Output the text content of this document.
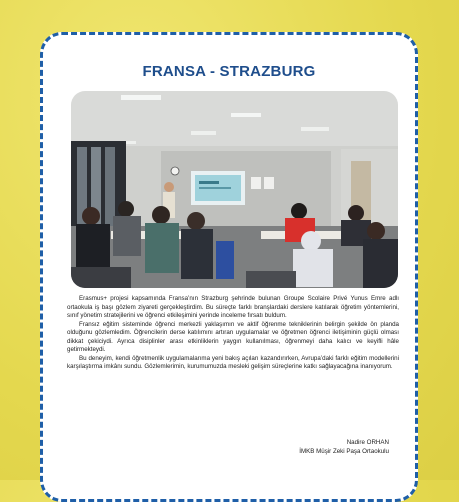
FRANSA - STRAZBURG

Erasmus+ projesi kapsamında Fransa’nın Strazburg şehrinde bulunan Groupe Scolaire Privé Yunus Emre adlı ortaokula iş başı gözlem ziyareti gerçekleştirdim. Bu süreçte farklı branşlardaki derslere katılarak öğretim yöntemlerini, sınıf yönetim stratejilerini ve öğrenci etkileşimini yerinde inceleme fırsatı buldum.

Fransız eğitim sisteminde öğrenci merkezli yaklaşımın ve aktif öğrenme tekniklerinin belirgin şekilde ön planda olduğunu gözlemledim. Öğrencilerin derse katılımını artıran uygulamalar ve öğretmen öğrenci iletişiminin güçlü olması dikkat çekiciydi. Ayrıca disiplinler arası etkinliklerin yaygın kullanılması, öğrenmeyi daha kalıcı ve keyifli hâle getirmekteydi.

Bu deneyim, kendi öğretmenlik uygulamalarıma yeni bakış açıları kazandırırken, Avrupa’daki farklı eğitim modellerini karşılaştırma imkânı sundu. Gözlemlerimin, kurumumuzda mesleki gelişim süreçlerine katkı sağlayacağına inanıyorum.

Nadire ORHAN
İMKB Müşir Zeki Paşa Ortaokulu
